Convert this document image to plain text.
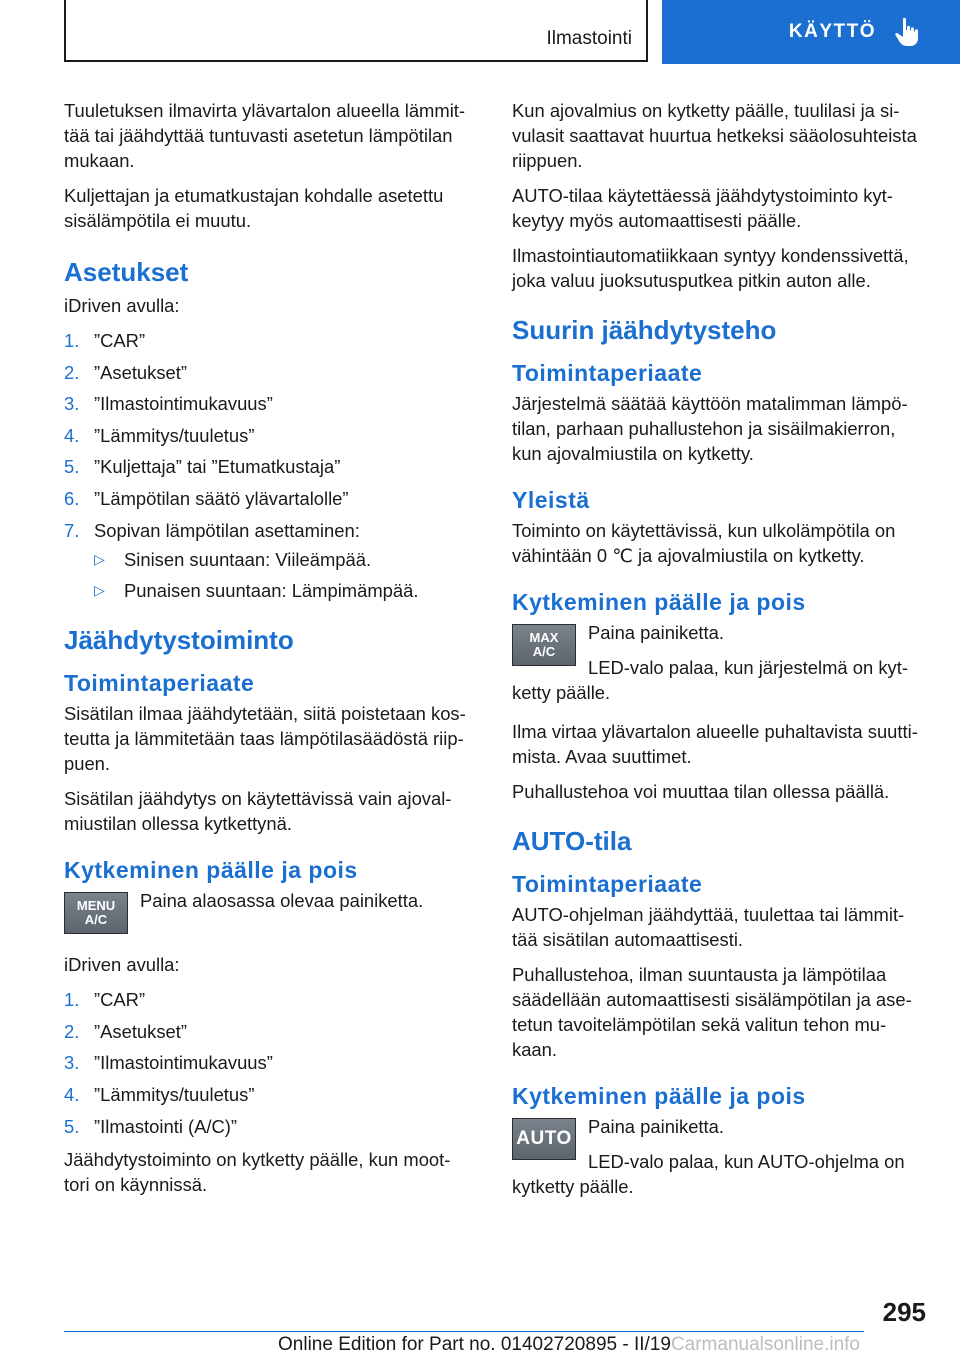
Ilmastointi	KÄYTTÖ

Tuuletuksen ilmavirta ylävartalon alueella lämmit‐ tää tai jäähdyttää tuntuvasti asetetun lämpötilan mukaan.

Kuljettajan ja etumatkustajan kohdalle asetettu sisälämpötila ei muutu.

Asetukset

iDriven avulla:

1. ”CAR”
2. ”Asetukset”
3. ”Ilmastointimukavuus”
4. ”Lämmitys/tuuletus”
5. ”Kuljettaja” tai ”Etumatkustaja”
6. ”Lämpötilan säätö ylävartalolle”
7. Sopivan lämpötilan asettaminen:
▷ Sinisen suuntaan: Viileämpää.
▷ Punaisen suuntaan: Lämpimämpää.
Jäähdytystoiminto
Toimintaperiaate

Sisätilan ilmaa jäähdytetään, siitä poistetaan kos‐ teutta ja lämmitetään taas lämpötilasäädöstä riip‐ puen.

Sisätilan jäähdytys on käytettävissä vain ajoval‐ miustilan ollessa kytkettynä.

Kytkeminen päälle ja pois
MENU
A/C

Paina alaosassa olevaa painiketta.

iDriven avulla:

1. ”CAR”
2. ”Asetukset”
3. ”Ilmastointimukavuus”
4. ”Lämmitys/tuuletus”
5. ”Ilmastointi (A/C)”

Jäähdytystoiminto on kytketty päälle, kun moot‐ tori on käynnissä.

Kun ajovalmius on kytketty päälle, tuulilasi ja si‐ vulasit saattavat huurtua hetkeksi sääolosuhteista riippuen.

AUTO-tilaa käytettäessä jäähdytystoiminto kyt‐ keytyy myös automaattisesti päälle.

Ilmastointiautomatiikkaan syntyy kondenssivettä, joka valuu juoksutusputkea pitkin auton alle.

Suurin jäähdytysteho
Toimintaperiaate

Järjestelmä säätää käyttöön matalimman lämpö‐ tilan, parhaan puhallustehon ja sisäilmakierron, kun ajovalmiustila on kytketty.

Yleistä

Toiminto on käytettävissä, kun ulkolämpötila on vähintään 0 ℃ ja ajovalmiustila on kytketty.

Kytkeminen päälle ja pois
MAX
A/C

Paina painiketta.

LED-valo palaa, kun järjestelmä on kyt‐ ketty päälle.

Ilma virtaa ylävartalon alueelle puhaltavista suutti‐ mista. Avaa suuttimet.

Puhallustehoa voi muuttaa tilan ollessa päällä.

AUTO-tila
Toimintaperiaate

AUTO-ohjelman jäähdyttää, tuulettaa tai lämmit‐ tää sisätilan automaattisesti.

Puhallustehoa, ilman suuntausta ja lämpötilaa säädellään automaattisesti sisälämpötilan ja ase‐ tetun tavoitelämpötilan sekä valitun tehon mu‐ kaan.

Kytkeminen päälle ja pois
AUTO

Paina painiketta.

LED-valo palaa, kun AUTO-ohjelma on kytketty päälle.

295
Online Edition for Part no. 01402720895 - II/19Carmanualsonline.info
